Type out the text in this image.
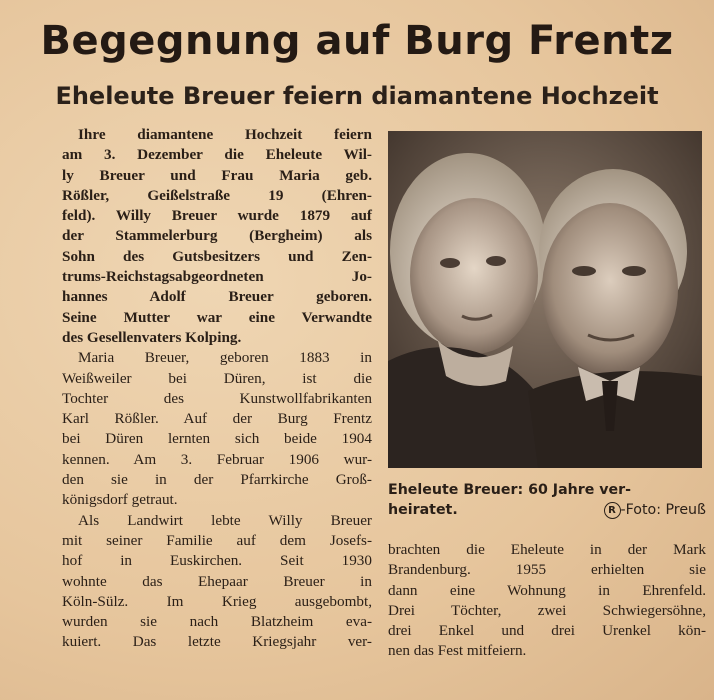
Begegnung auf Burg Frentz
Eheleute Breuer feiern diamantene Hochzeit

Ihre diamantene Hochzeit feiern
am 3. Dezember die Eheleute Wil-
ly Breuer und Frau Maria geb.
Rößler, Geißelstraße 19 (Ehren-
feld). Willy Breuer wurde 1879 auf
der Stammelerburg (Bergheim) als
Sohn des Gutsbesitzers und Zen-
trums-Reichstagsabgeordneten Jo-
hannes Adolf Breuer geboren.
Seine Mutter war eine Verwandte
des Gesellenvaters Kolping.

Maria Breuer, geboren 1883 in
Weißweiler bei Düren, ist die
Tochter des Kunstwollfabrikanten
Karl Rößler. Auf der Burg Frentz
bei Düren lernten sich beide 1904
kennen. Am 3. Februar 1906 wur-
den sie in der Pfarrkirche Groß-
königsdorf getraut.

Als Landwirt lebte Willy Breuer
mit seiner Familie auf dem Josefs-
hof in Euskirchen. Seit 1930
wohnte das Ehepaar Breuer in
Köln-Sülz. Im Krieg ausgebombt,
wurden sie nach Blatzheim eva-
kuiert. Das letzte Kriegsjahr ver-

Eheleute Breuer: 60 Jahre ver-
heiratet.	R -Foto: Preuß

brachten die Eheleute in der Mark
Brandenburg. 1955 erhielten sie
dann eine Wohnung in Ehrenfeld.
Drei Töchter, zwei Schwiegersöhne,
drei Enkel und drei Urenkel kön-
nen das Fest mitfeiern.
